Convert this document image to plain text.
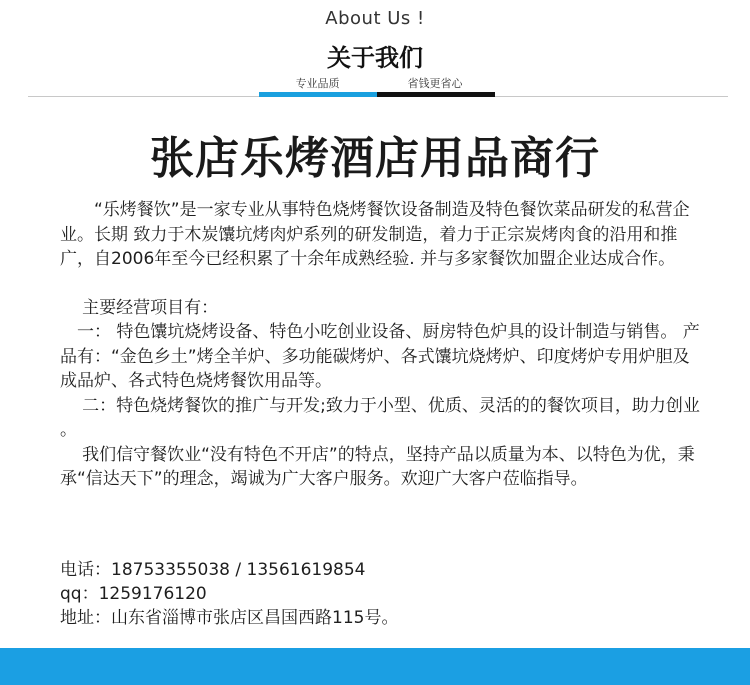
About Us !
关于我们
专业品质	省钱更省心
张店乐烤酒店用品商行

“乐烤餐饮”是一家专业从事特色烧烤餐饮设备制造及特色餐饮菜品研发的私营企业。长期 致力于木炭馕坑烤肉炉系列的研发制造，着力于正宗炭烤肉食的沿用和推广，自2006年至今已经积累了十余年成熟经验. 并与多家餐饮加盟企业达成合作。

主要经营项目有：

一： 特色馕坑烧烤设备、特色小吃创业设备、厨房特色炉具的设计制造与销售。 产品有：“金色乡土”烤全羊炉、多功能碳烤炉、各式馕坑烧烤炉、印度烤炉专用炉胆及成品炉、各式特色烧烤餐饮用品等。

二：特色烧烤餐饮的推广与开发;致力于小型、优质、灵活的的餐饮项目，助力创业 。

我们信守餐饮业“没有特色不开店”的特点，坚持产品以质量为本、以特色为优，秉承“信达天下”的理念，竭诚为广大客户服务。欢迎广大客户莅临指导。

电话：18753355038 / 13561619854

qq：1259176120

地址：山东省淄博市张店区昌国西路115号。
